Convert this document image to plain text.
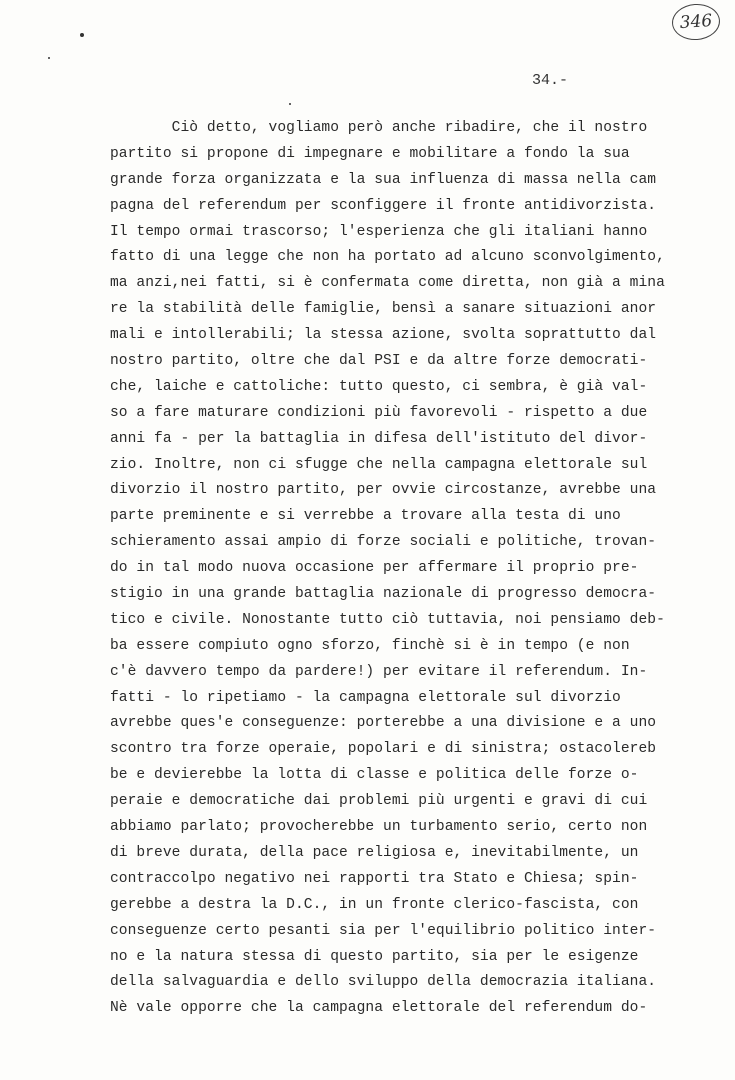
346
34.-
Ciò detto, vogliamo però anche ribadire, che il nostro
partito si propone di impegnare e mobilitare a fondo la sua
grande forza organizzata e la sua influenza di massa nella cam
pagna del referendum per sconfiggere il fronte antidivorzista.
Il tempo ormai trascorso; l'esperienza che gli italiani hanno
fatto di una legge che non ha portato ad alcuno sconvolgimento,
ma anzi,nei fatti, si è confermata come diretta, non già a mina
re la stabilità delle famiglie, bensì a sanare situazioni anor
mali e intollerabili; la stessa azione, svolta soprattutto dal
nostro partito, oltre che dal PSI e da altre forze democrati-
che, laiche e cattoliche: tutto questo, ci sembra, è già val-
so a fare maturare condizioni più favorevoli - rispetto a due
anni fa - per la battaglia in difesa dell'istituto del divor-
zio. Inoltre, non ci sfugge che nella campagna elettorale sul
divorzio il nostro partito, per ovvie circostanze, avrebbe una
parte preminente e si verrebbe a trovare alla testa di uno
schieramento assai ampio di forze sociali e politiche, trovan-
do in tal modo nuova occasione per affermare il proprio pre-
stigio in una grande battaglia nazionale di progresso democra-
tico e civile. Nonostante tutto ciò tuttavia, noi pensiamo deb-
ba essere compiuto ogno sforzo, finchè si è in tempo (e non
c'è davvero tempo da pardere!) per evitare il referendum. In-
fatti - lo ripetiamo - la campagna elettorale sul divorzio
avrebbe ques'e conseguenze: porterebbe a una divisione e a uno
scontro tra forze operaie, popolari e di sinistra; ostacolereb
be e devierebbe la lotta di classe e politica delle forze o-
peraie e democratiche dai problemi più urgenti e gravi di cui
abbiamo parlato; provocherebbe un turbamento serio, certo non
di breve durata, della pace religiosa e, inevitabilmente, un
contraccolpo negativo nei rapporti tra Stato e Chiesa; spin-
gerebbe a destra la D.C., in un fronte clerico-fascista, con
conseguenze certo pesanti sia per l'equilibrio politico inter-
no e la natura stessa di questo partito, sia per le esigenze
della salvaguardia e dello sviluppo della democrazia italiana.
Nè vale opporre che la campagna elettorale del referendum do-
